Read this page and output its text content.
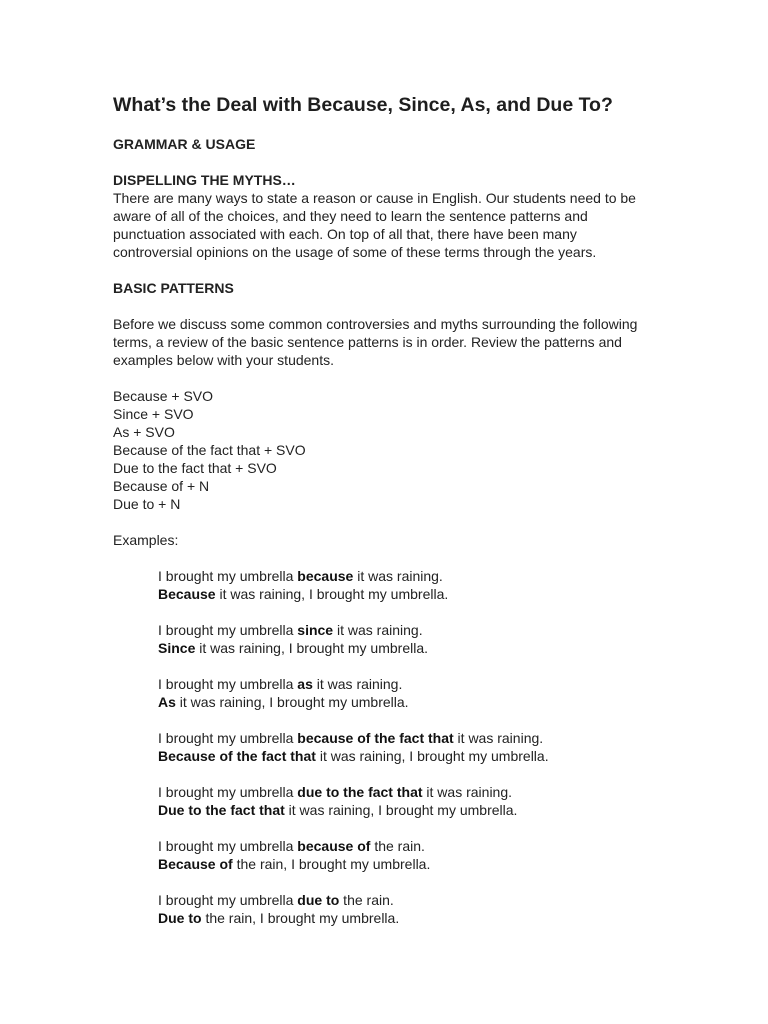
What’s the Deal with Because, Since, As, and Due To?
GRAMMAR & USAGE
DISPELLING THE MYTHS…

There are many ways to state a reason or cause in English. Our students need to be aware of all of the choices, and they need to learn the sentence patterns and punctuation associated with each. On top of all that, there have been many controversial opinions on the usage of some of these terms through the years.

BASIC PATTERNS

Before we discuss some common controversies and myths surrounding the following terms, a review of the basic sentence patterns is in order. Review the patterns and examples below with your students.

Because + SVO
Since + SVO
As + SVO
Because of the fact that + SVO
Due to the fact that + SVO
Because of + N
Due to + N
Examples:
I brought my umbrella because it was raining.
Because it was raining, I brought my umbrella.
I brought my umbrella since it was raining.
Since it was raining, I brought my umbrella.
I brought my umbrella as it was raining.
As it was raining, I brought my umbrella.
I brought my umbrella because of the fact that it was raining.
Because of the fact that it was raining, I brought my umbrella.
I brought my umbrella due to the fact that it was raining.
Due to the fact that it was raining, I brought my umbrella.
I brought my umbrella because of the rain.
Because of the rain, I brought my umbrella.
I brought my umbrella due to the rain.
Due to the rain, I brought my umbrella.
